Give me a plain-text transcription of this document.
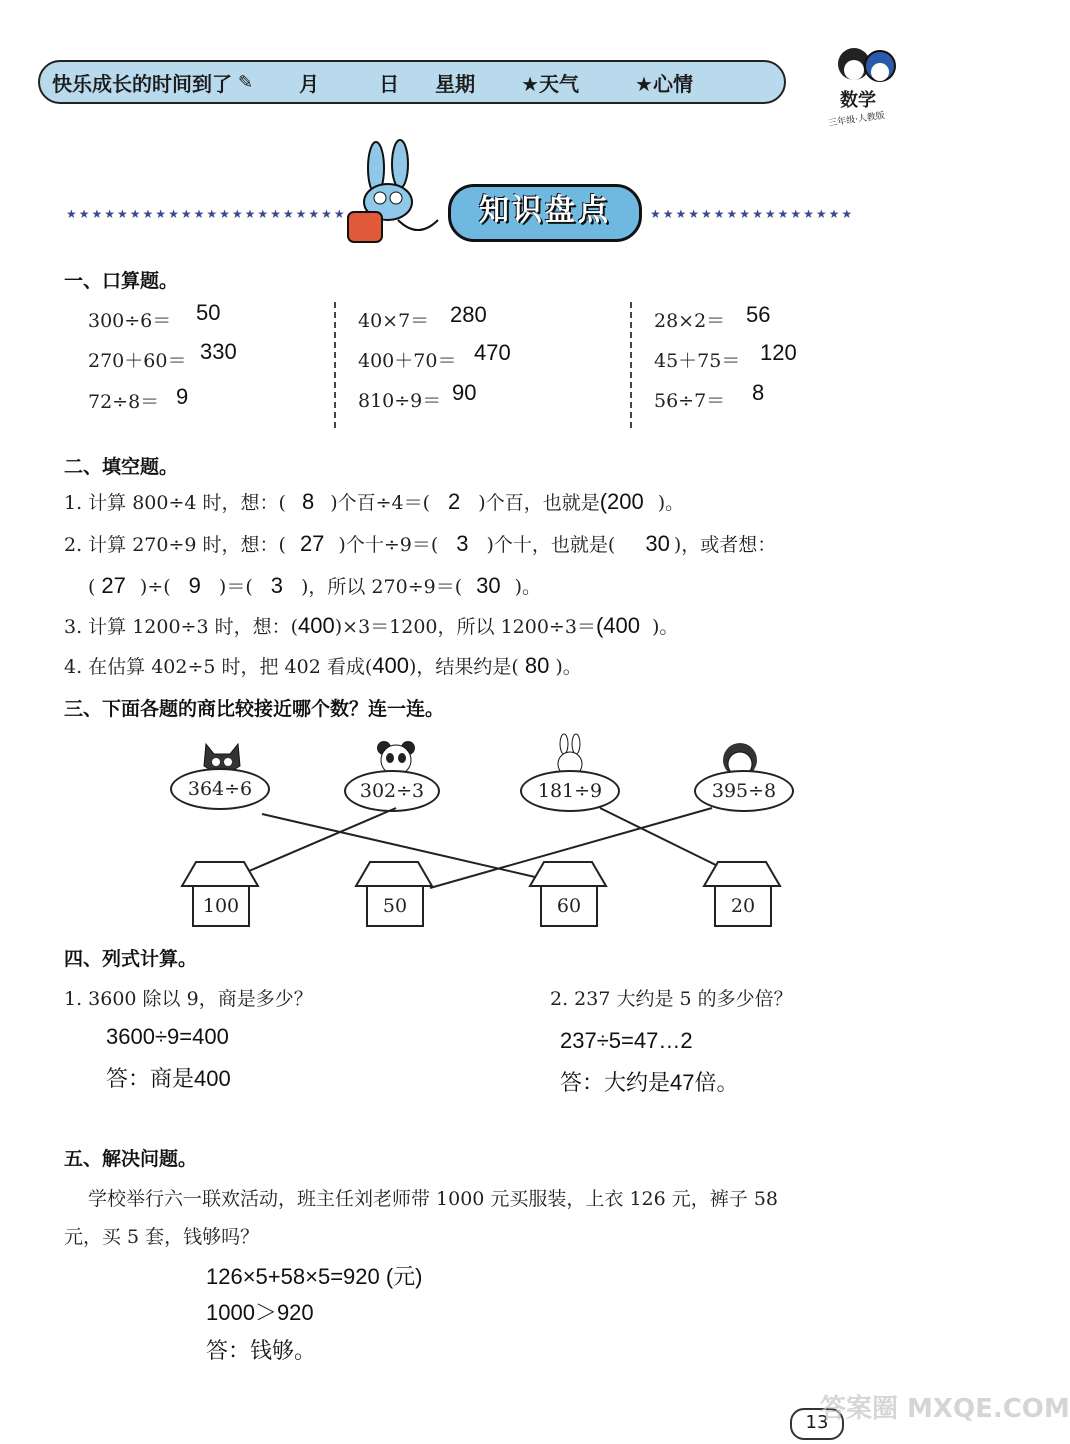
快乐成长的时间到了 ✎ 月	日 星期 ★天气	★心情
数学
三年级·人教版
★★★★★★★★★★★★★★★★★★★★★★	★★★★★★★★★★★★★★★★
知识盘点
一、口算题。
300÷6＝ 50
270＋60＝ 330
72÷8＝ 9
40×7＝ 280
400＋70＝ 470
810÷9＝ 90
28×2＝ 56
45＋75＝ 120
56÷7＝ 8
二、填空题。
1. 计算 800÷4 时，想：( 8 )个百÷4＝( 2 )个百，也就是(200 )。
2. 计算 270÷9 时，想：( 27 )个十÷9＝( 3 )个十，也就是( 30 )，或者想：
( 27 )÷( 9 )＝( 3 )，所以 270÷9＝( 30 )。
3. 计算 1200÷3 时，想：(400)×3＝1200，所以 1200÷3＝(400 )。
4. 在估算 402÷5 时，把 402 看成(400)，结果约是( 80 )。
三、下面各题的商比较接近哪个数？连一连。
364÷6	302÷3	181÷9	395÷8
100	50	60	20
四、列式计算。
1. 3600 除以 9，商是多少？	2. 237 大约是 5 的多少倍？
3600÷9=400
答：商是400
237÷5=47…2
答：大约是47倍。
五、解决问题。
学校举行六一联欢活动，班主任刘老师带 1000 元买服装，上衣 126 元，裤子 58
元，买 5 套，钱够吗？
126×5+58×5=920 (元)
1000＞920
答：钱够。
13
答案圈 MXQE.COM
